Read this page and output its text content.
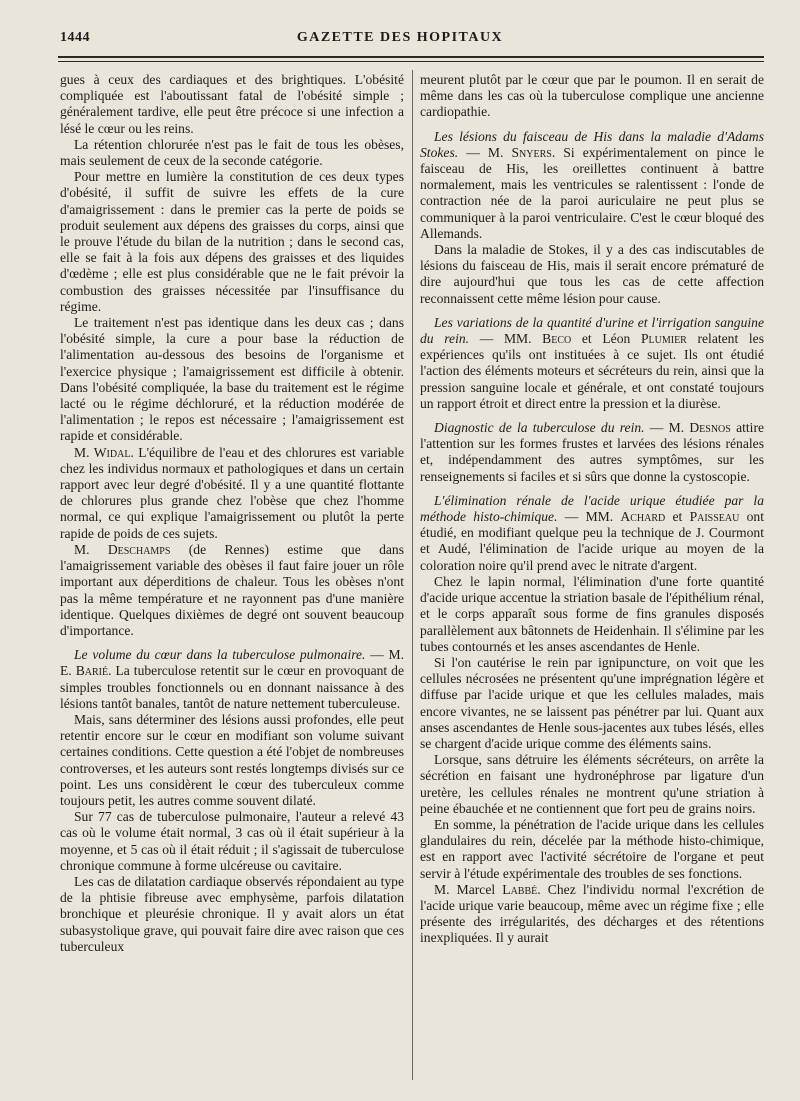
1444	GAZETTE DES HOPITAUX

gues à ceux des cardiaques et des brightiques. L'obésité compliquée est l'aboutissant fatal de l'obésité simple ; généralement tardive, elle peut être précoce si une infection a lésé le cœur ou les reins.

La rétention chlorurée n'est pas le fait de tous les obèses, mais seulement de ceux de la seconde catégorie.

Pour mettre en lumière la constitution de ces deux types d'obésité, il suffit de suivre les effets de la cure d'amaigrissement : dans le premier cas la perte de poids se produit seulement aux dépens des graisses du corps, ainsi que le prouve l'étude du bilan de la nutrition ; dans le second cas, elle se fait à la fois aux dépens des graisses et des liquides d'œdème ; elle est plus considérable que ne le fait prévoir la combustion des graisses nécessitée par l'insuffisance du régime.

Le traitement n'est pas identique dans les deux cas ; dans l'obésité simple, la cure a pour base la réduction de l'alimentation au-dessous des besoins de l'organisme et l'exercice physique ; l'amaigrissement est difficile à obtenir. Dans l'obésité compliquée, la base du traitement est le régime lacté ou le régime déchloruré, et la réduction modérée de l'alimentation ; le repos est nécessaire ; l'amaigrissement est rapide et considérable.

M. Widal. L'équilibre de l'eau et des chlorures est variable chez les individus normaux et pathologiques et dans un certain rapport avec leur degré d'obésité. Il y a une quantité flottante de chlorures plus grande chez l'obèse que chez l'homme normal, ce qui explique l'amaigrissement ou plutôt la perte rapide de poids de ces sujets.

M. Deschamps (de Rennes) estime que dans l'amaigrissement variable des obèses il faut faire jouer un rôle important aux déperditions de chaleur. Tous les obèses n'ont pas la même température et ne rayonnent pas d'une manière identique. Quelques dixièmes de degré ont souvent beaucoup d'importance.

Le volume du cœur dans la tuberculose pulmonaire. — M. E. Barié. La tuberculose retentit sur le cœur en provoquant de simples troubles fonctionnels ou en donnant naissance à des lésions tantôt banales, tantôt de nature nettement tuberculeuse.

Mais, sans déterminer des lésions aussi profondes, elle peut retentir encore sur le cœur en modifiant son volume suivant certaines conditions. Cette question a été l'objet de nombreuses controverses, et les auteurs sont restés longtemps divisés sur ce point. Les uns considèrent le cœur des tuberculeux comme toujours petit, les autres comme souvent dilaté.

Sur 77 cas de tuberculose pulmonaire, l'auteur a relevé 43 cas où le volume était normal, 3 cas où il était supérieur à la moyenne, et 5 cas où il était réduit ; il s'agissait de tuberculose chronique commune à forme ulcéreuse ou cavitaire.

Les cas de dilatation cardiaque observés répondaient au type de la phtisie fibreuse avec emphysème, parfois dilatation bronchique et pleurésie chronique. Il y avait alors un état subasystolique grave, qui pouvait faire dire avec raison que ces tuberculeux

meurent plutôt par le cœur que par le poumon. Il en serait de même dans les cas où la tuberculose complique une ancienne cardiopathie.

Les lésions du faisceau de His dans la maladie d'Adams Stokes. — M. Snyers. Si expérimentalement on pince le faisceau de His, les oreillettes continuent à battre normalement, mais les ventricules se ralentissent : l'onde de contraction née de la paroi auriculaire ne peut plus se communiquer à la paroi ventriculaire. C'est le cœur bloqué des Allemands.

Dans la maladie de Stokes, il y a des cas indiscutables de lésions du faisceau de His, mais il serait encore prématuré de dire aujourd'hui que tous les cas de cette affection reconnaissent cette même lésion pour cause.

Les variations de la quantité d'urine et l'irrigation sanguine du rein. — MM. Beco et Léon Plumier relatent les expériences qu'ils ont instituées à ce sujet. Ils ont étudié l'action des éléments moteurs et sécréteurs du rein, ainsi que la pression sanguine locale et générale, et ont constaté toujours un rapport étroit et direct entre la pression et la diurèse.

Diagnostic de la tuberculose du rein. — M. Desnos attire l'attention sur les formes frustes et larvées des lésions rénales et, indépendamment des autres symptômes, sur les renseignements si faciles et si sûrs que donne la cystoscopie.

L'élimination rénale de l'acide urique étudiée par la méthode histo-chimique. — MM. Achard et Paisseau ont étudié, en modifiant quelque peu la technique de J. Courmont et Audé, l'élimination de l'acide urique au moyen de la coloration noire qu'il prend avec le nitrate d'argent.

Chez le lapin normal, l'élimination d'une forte quantité d'acide urique accentue la striation basale de l'épithélium rénal, et le corps apparaît sous forme de fins granules disposés parallèlement aux bâtonnets de Heidenhain. Il s'élimine par les tubes contournés et les anses ascendantes de Henle.

Si l'on cautérise le rein par ignipuncture, on voit que les cellules nécrosées ne présentent qu'une imprégnation légère et diffuse par l'acide urique et que les cellules malades, mais encore vivantes, ne se laissent pas pénétrer par lui. Quant aux anses ascendantes de Henle sous-jacentes aux tubes lésés, elles se chargent d'acide urique comme des éléments sains.

Lorsque, sans détruire les éléments sécréteurs, on arrête la sécrétion en faisant une hydronéphrose par ligature d'un uretère, les cellules rénales ne montrent qu'une striation à peine ébauchée et ne contiennent que fort peu de grains noirs.

En somme, la pénétration de l'acide urique dans les cellules glandulaires du rein, décelée par la méthode histo-chimique, est en rapport avec l'activité sécrétoire de l'organe et peut servir à l'étude expérimentale des troubles de ses fonctions.

M. Marcel Labbé. Chez l'individu normal l'excrétion de l'acide urique varie beaucoup, même avec un régime fixe ; elle présente des irrégularités, des décharges et des rétentions inexpliquées. Il y aurait
